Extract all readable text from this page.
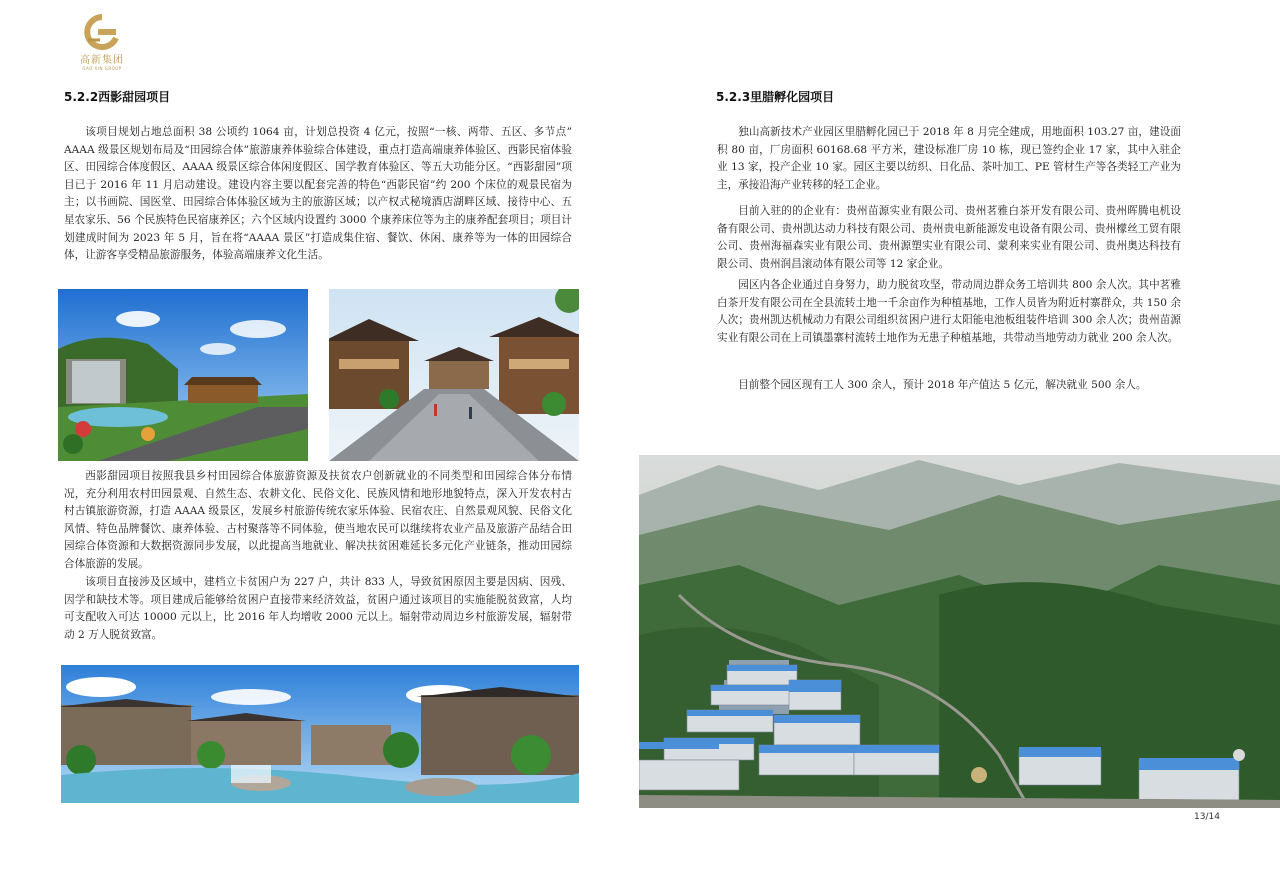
高新集团
GAO XIN GROUP
5.2.2西影甜园项目

该项目规划占地总面积 38 公顷约 1064 亩，计划总投资 4 亿元，按照“一核、两带、五区、多节点” AAAA 级景区规划布局及“田园综合体”旅游康养体验综合体建设，重点打造高端康养体验区、西影民宿体验区、田园综合体度假区、AAAA 级景区综合体闲度假区、国学教育体验区、等五大功能分区。“西影甜园”项目已于 2016 年 11 月启动建设。建设内容主要以配套完善的特色“西影民宿”约 200 个床位的观景民宿为主；以书画院、国医堂、田园综合体体验区域为主的旅游区域；以产权式秘境酒店湖畔区域、接待中心、五星农家乐、56 个民族特色民宿康养区；六个区域内设置约 3000 个康养床位等为主的康养配套项目；项目计划建成时间为 2023 年 5 月，旨在将“AAAA 景区”打造成集住宿、餐饮、休闲、康养等为一体的田园综合体，让游客享受精品旅游服务，体验高端康养文化生活。

西影甜园项目按照我县乡村田园综合体旅游资源及扶贫农户创新就业的不同类型和田园综合体分布情况，充分利用农村田园景观、自然生态、农耕文化、民俗文化、民族风情和地形地貌特点，深入开发农村古村古镇旅游资源，打造 AAAA 级景区，发展乡村旅游传统农家乐体验、民宿农庄、自然景观风貌、民俗文化风情、特色品牌餐饮、康养体验、古村聚落等不同体验，使当地农民可以继续将农业产品及旅游产品结合田园综合体资源和大数据资源同步发展，以此提高当地就业、解决扶贫困难延长多元化产业链条，推动田园综合体旅游的发展。

该项目直接涉及区域中，建档立卡贫困户为 227 户，共计 833 人，导致贫困原因主要是因病、因残、因学和缺技术等。项目建成后能够给贫困户直接带来经济效益，贫困户通过该项目的实施能脱贫致富，人均可支配收入可达 10000 元以上，比 2016 年人均增收 2000 元以上。辐射带动周边乡村旅游发展，辐射带动 2 万人脱贫致富。

5.2.3里腊孵化园项目

独山高新技术产业园区里腊孵化园已于 2018 年 8 月完全建成，用地面积 103.27 亩，建设面积 80 亩，厂房面积 60168.68 平方米，建设标准厂房 10 栋，现已签约企业 17 家，其中入驻企业 13 家，投产企业 10 家。园区主要以纺织、日化品、茶叶加工、PE 管材生产等各类轻工产业为主，承接沿海产业转移的轻工企业。

目前入驻的的企业有：贵州苗源实业有限公司、贵州茗雅白茶开发有限公司、贵州晖腾电机设备有限公司、贵州凯达动力科技有限公司、贵州贵电新能源发电设备有限公司、贵州檬丝工贸有限公司、贵州海福森实业有限公司、贵州源塑实业有限公司、蒙利来实业有限公司、贵州奥达科技有限公司、贵州润昌滚动体有限公司等 12 家企业。

园区内各企业通过自身努力，助力脱贫攻坚，带动周边群众务工培训共 800 余人次。其中茗雅白茶开发有限公司在全县流转土地一千余亩作为种植基地，工作人员皆为附近村寨群众，共 150 余人次；贵州凯达机械动力有限公司组织贫困户进行太阳能电池板组装件培训 300 余人次；贵州苗源实业有限公司在上司镇墨寨村流转土地作为无患子种植基地，共带动当地劳动力就业 200 余人次。

目前整个园区现有工人 300 余人，预计 2018 年产值达 5 亿元，解决就业 500 余人。

13/14
